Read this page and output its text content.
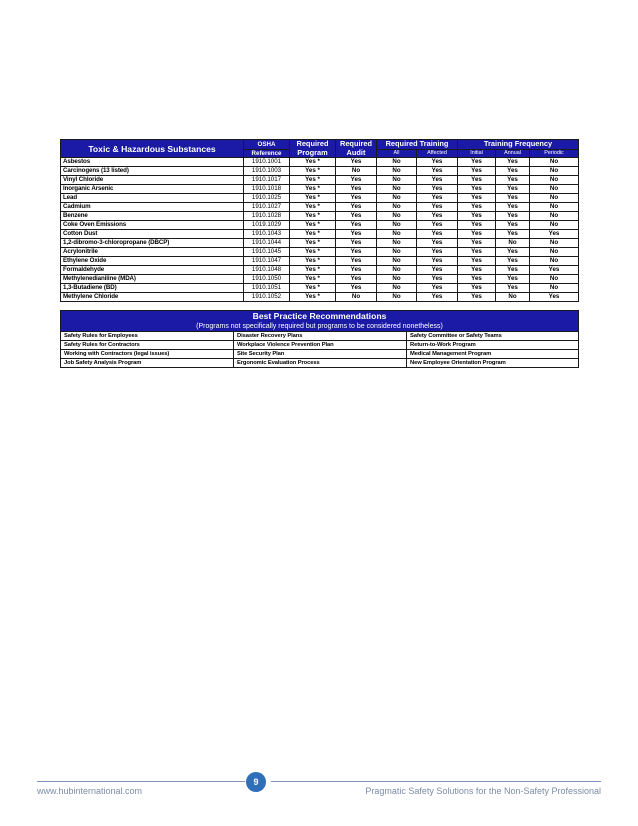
Toxic & Hazardous Substances	OSHA	Required Program	Required Audit	Required Training		Training Frequency		
	Reference			All	Affected	Initial	Annual	Periodic
Asbestos	1910.1001	Yes *	Yes	No	Yes	Yes	Yes	No
Carcinogens (13 listed)	1910.1003	Yes *	No	No	Yes	Yes	Yes	No
Vinyl Chloride	1910.1017	Yes *	Yes	No	Yes	Yes	Yes	No
Inorganic Arsenic	1910.1018	Yes *	Yes	No	Yes	Yes	Yes	No
Lead	1910.1025	Yes *	Yes	No	Yes	Yes	Yes	No
Cadmium	1910.1027	Yes *	Yes	No	Yes	Yes	Yes	No
Benzene	1910.1028	Yes *	Yes	No	Yes	Yes	Yes	No
Coke Oven Emissions	1019.1029	Yes *	Yes	No	Yes	Yes	Yes	No
Cotton Dust	1910.1043	Yes *	Yes	No	Yes	Yes	Yes	Yes
1,2-dibromo-3-chloropropane (DBCP)	1910.1044	Yes *	Yes	No	Yes	Yes	No	No
Acrylonitrile	1910.1045	Yes *	Yes	No	Yes	Yes	Yes	No
Ethylene Oxide	1910.1047	Yes *	Yes	No	Yes	Yes	Yes	No
Formaldehyde	1910.1048	Yes *	Yes	No	Yes	Yes	Yes	Yes
Methylenedianiline (MDA)	1910.1050	Yes *	Yes	No	Yes	Yes	Yes	No
1,3-Butadiene (BD)	1910.1051	Yes *	Yes	No	Yes	Yes	Yes	No
Methylene Chloride	1910.1052	Yes *	No	No	Yes	Yes	No	Yes
Best Practice Recommendations
(Programs not specifically required but programs to be considered nonetheless)		

Safety Rules for Employees	Disaster Recovery Plans	Safety Committee or Safety Teams
Safety Rules for Contractors	Workplace Violence Prevention Plan	Return-to-Work Program
Working with Contractors (legal issues)	Site Security Plan	Medical Management Program
Job Safety Analysis Program	Ergonomic Evaluation Process	New Employee Orientation Program
9
www.hubinternational.com	Pragmatic Safety Solutions for the Non-Safety Professional
